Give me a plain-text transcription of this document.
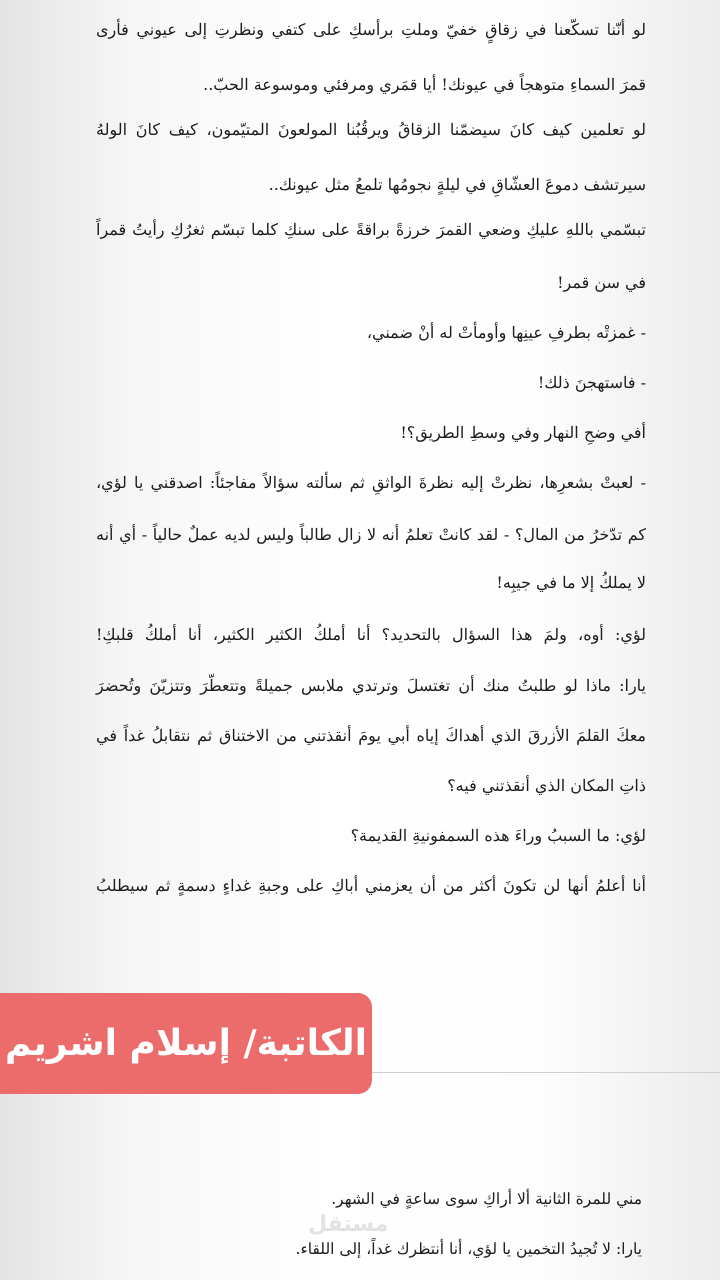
لو أنّنا تسكّعنا في زقاقٍ خفيّ وملتِ برأسكِ على كتفي ونظرتِ إلى عيوني فأرى
قمرَ السماءِ متوهجاً في عيونك! أيا قمَري ومرفئي وموسوعة الحبّ..
لو تعلمين كيف كانَ سيضمّنا الزقاقُ ويرقُبُنا المولعونَ المتيّمون، كيف كانَ الولهُ
سيرتشف دموعَ العشّاقِ في ليلةٍ نجومُها تلمعُ مثل عيونك..
تبسّمي باللهِ عليكِ وضعي القمرَ خرزةً براقةً على سنكِ كلما تبسّم ثغرُكِ رأيتُ قمراً
في سن قمر!
- غمزتْه بطرفِ عينِها وأومأتْ له أنْ ضمني،
- فاستهجنَ ذلك!
أفي وضحِ النهار وفي وسطِ الطريق؟!
- لعبتْ بشعرِها، نظرتْ إليه نظرةَ الواثقِ ثم سألته سؤالاً مفاجئاً: اصدقني يا لؤي،
كم تدّخرُ من المال؟ - لقد كانتْ تعلمُ أنه لا زال طالباً وليس لديه عملٌ حالياً - أي أنه
لا يملكُ إلا ما في جيبِه!
لؤي: أوه، ولمَ هذا السؤال بالتحديد؟ أنا أملكُ الكثير الكثير، أنا أملكُ قلبكِ!
يارا: ماذا لو طلبتُ منك أن تغتسلَ وترتدي ملابس جميلةً وتتعطّرَ وتتزيّنَ وتُحضرَ
معكَ القلمَ الأزرقَ الذي أهداكَ إياه أبي يومَ أنقذتني من الاختناق ثم نتقابلُ غداً في
ذاتِ المكان الذي أنقذتني فيه؟
لؤي: ما السببُ وراءَ هذه السمفونيةِ القديمة؟
أنا أعلمُ أنها لن تكونَ أكثر من أن يعزمني أباكِ على وجبةِ غداءٍ دسمةٍ ثم سيطلبُ
الكاتبة/ إسلام اشريم
مني للمرة الثانية ألا أراكِ سوى ساعةٍ في الشهر.
يارا: لا تُجيدُ التخمين يا لؤي، أنا أنتظرك غداً، إلى اللقاء.
مستقل
